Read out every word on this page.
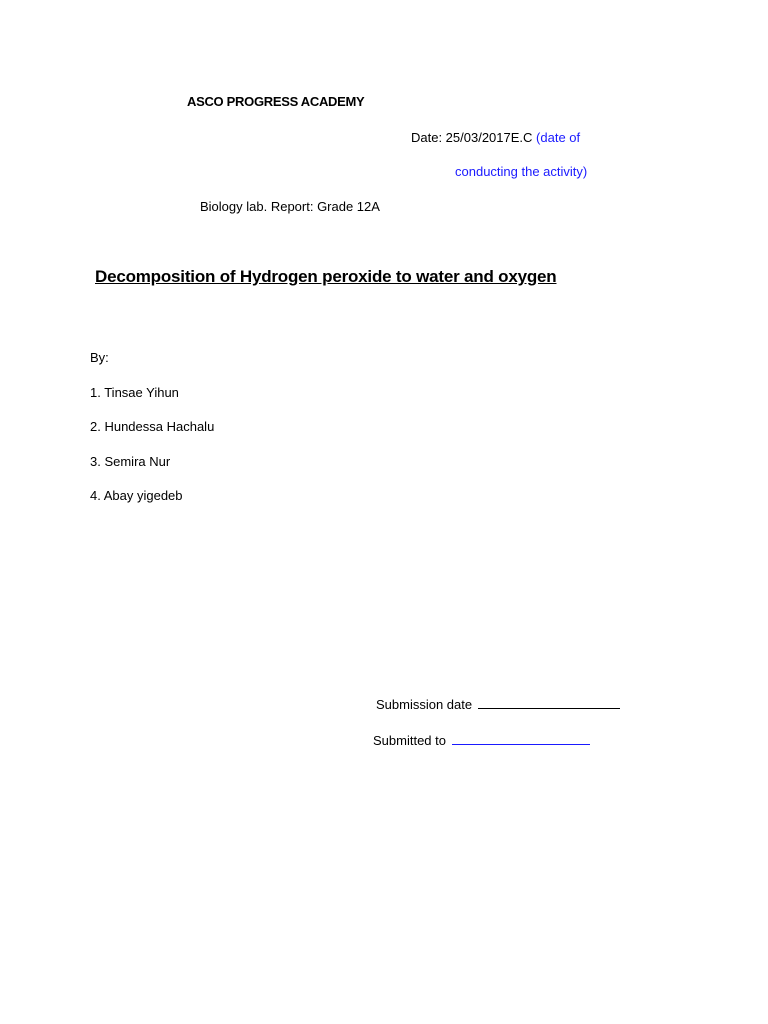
ASCO PROGRESS ACADEMY
Date: 25/03/2017E.C (date of
conducting the activity)
Biology lab. Report: Grade 12A
Decomposition of Hydrogen peroxide to water and oxygen
By:
1. Tinsae Yihun
2. Hundessa Hachalu
3. Semira Nur
4. Abay yigedeb
Submission date
Submitted to
